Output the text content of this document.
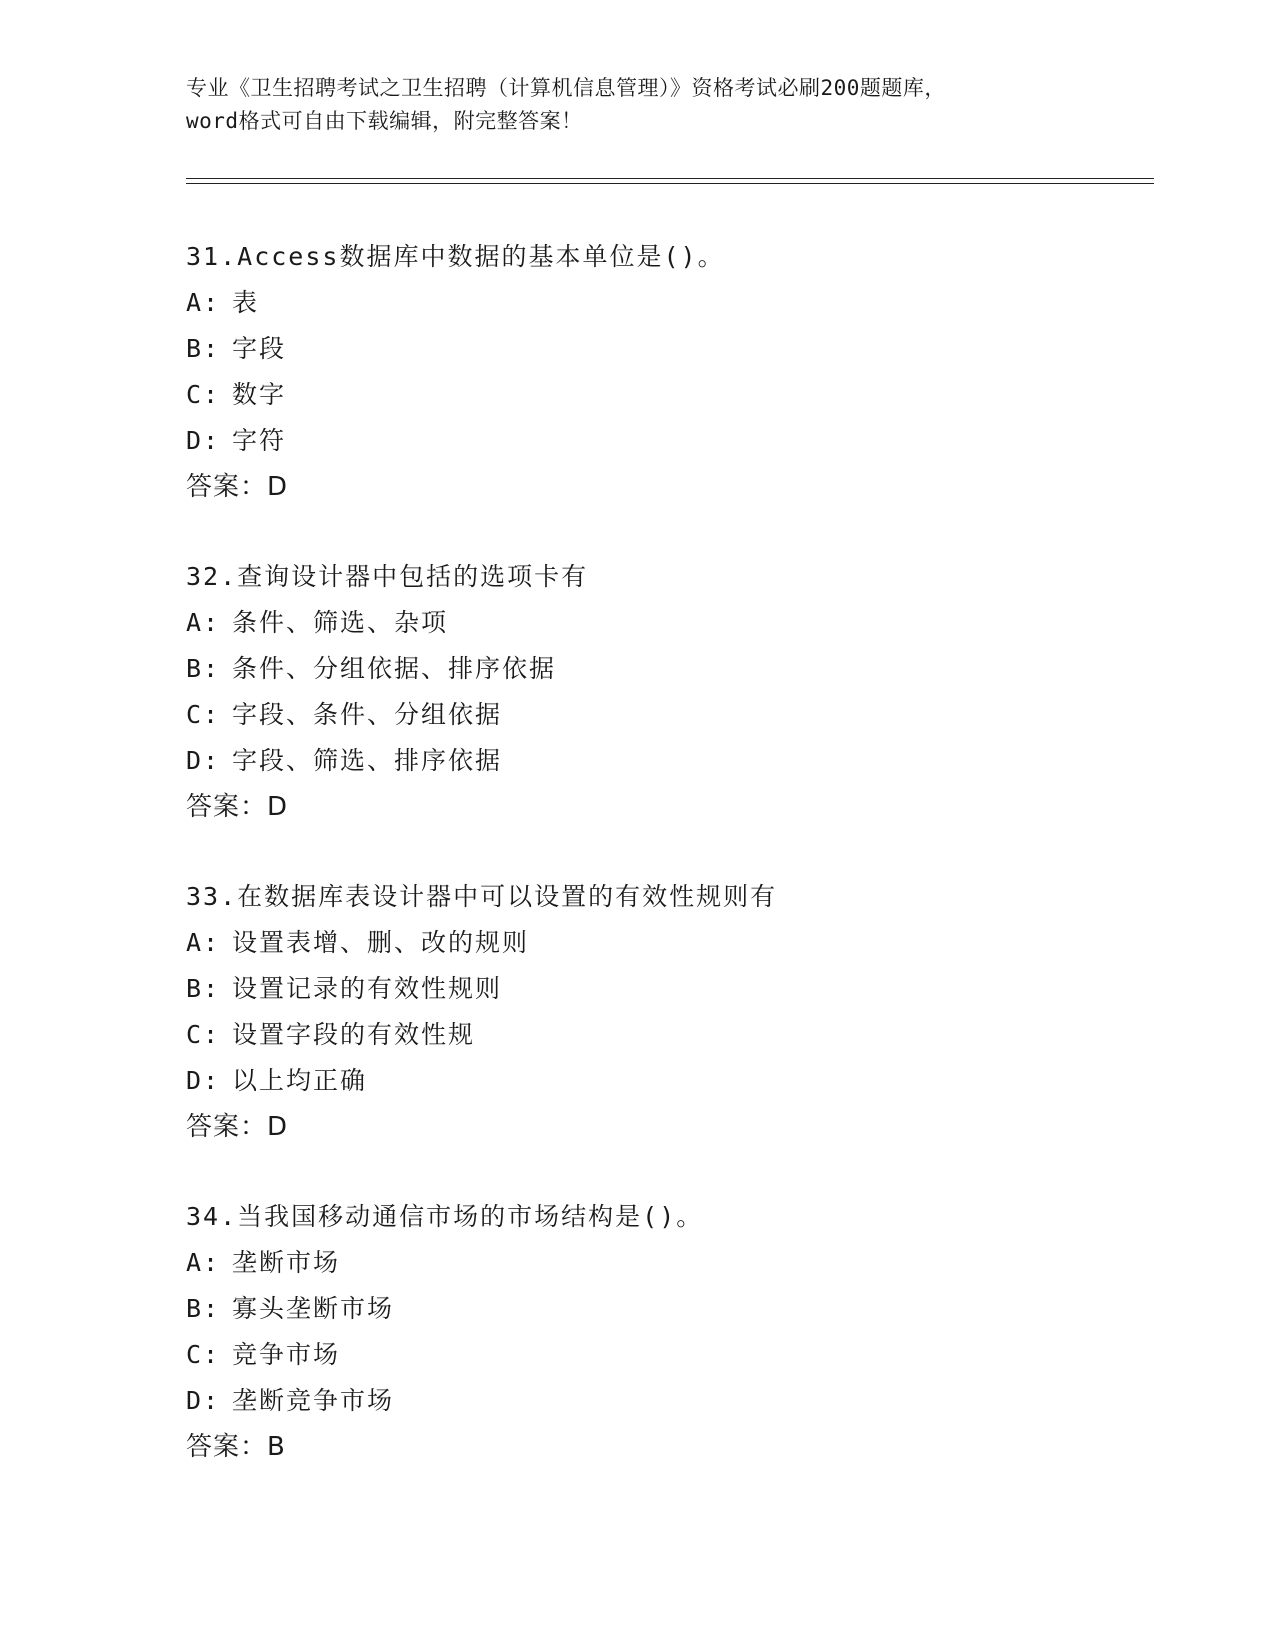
专业《卫生招聘考试之卫生招聘（计算机信息管理）》资格考试必刷200题题库，
word格式可自由下载编辑，附完整答案！
31.Access数据库中数据的基本单位是()。
A: 表
B: 字段
C: 数字
D: 字符
答案：D
32.查询设计器中包括的选项卡有
A: 条件、筛选、杂项
B: 条件、分组依据、排序依据
C: 字段、条件、分组依据
D: 字段、筛选、排序依据
答案：D
33.在数据库表设计器中可以设置的有效性规则有
A: 设置表增、删、改的规则
B: 设置记录的有效性规则
C: 设置字段的有效性规
D: 以上均正确
答案：D
34.当我国移动通信市场的市场结构是()。
A: 垄断市场
B: 寡头垄断市场
C: 竞争市场
D: 垄断竞争市场
答案：B
